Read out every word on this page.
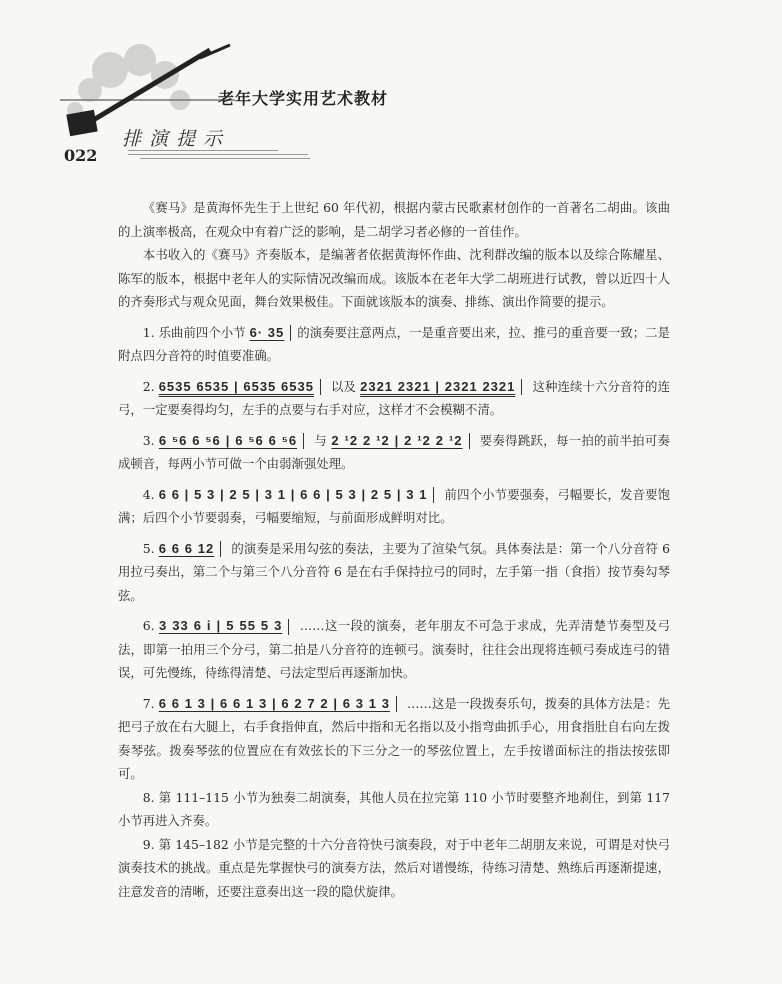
老年大学实用艺术教材
排演提示
022

《赛马》是黄海怀先生于上世纪 60 年代初，根据内蒙古民歌素材创作的一首著名二胡曲。该曲的上演率极高，在观众中有着广泛的影响，是二胡学习者必修的一首佳作。

本书收入的《赛马》齐奏版本，是编著者依据黄海怀作曲、沈利群改编的版本以及综合陈耀星、陈军的版本，根据中老年人的实际情况改编而成。该版本在老年大学二胡班进行试教，曾以近四十人的齐奏形式与观众见面，舞台效果极佳。下面就该版本的演奏、排练、演出作简要的提示。

1. 乐曲前四个小节 6· 35 的演奏要注意两点，一是重音要出来，拉、推弓的重音要一致；二是附点四分音符的时值要准确。

2. 6535 6535 | 6535 6535 以及 2321 2321 | 2321 2321 这种连续十六分音符的连弓，一定要奏得均匀，左手的点要与右手对应，这样才不会模糊不清。

3. 6 ⁵6 6 ⁵6 | 6 ⁵6 6 ⁵6 与 2 ¹2 2 ¹2 | 2 ¹2 2 ¹2 要奏得跳跃，每一拍的前半拍可奏成顿音，每两小节可做一个由弱渐强处理。

4. 6 6 | 5 3 | 2 5 | 3 1 | 6 6 | 5 3 | 2 5 | 3 1 前四个小节要强奏，弓幅要长，发音要饱满；后四个小节要弱奏，弓幅要缩短，与前面形成鲜明对比。

5. 6 6 6 12 的演奏是采用勾弦的奏法，主要为了渲染气氛。具体奏法是：第一个八分音符 6 用拉弓奏出，第二个与第三个八分音符 6 是在右手保持拉弓的同时，左手第一指（食指）按节奏勾琴弦。

6. 3 33 6 i | 5 55 5 3 ……这一段的演奏，老年朋友不可急于求成，先弄清楚节奏型及弓法，即第一拍用三个分弓，第二拍是八分音符的连顿弓。演奏时，往往会出现将连顿弓奏成连弓的错误，可先慢练，待练得清楚、弓法定型后再逐渐加快。

7. 6 6 1 3 | 6 6 1 3 | 6 2 7 2 | 6 3 1 3 ……这是一段拨奏乐句，拨奏的具体方法是：先把弓子放在右大腿上，右手食指伸直，然后中指和无名指以及小指弯曲抓手心，用食指肚自右向左拨奏琴弦。拨奏琴弦的位置应在有效弦长的下三分之一的琴弦位置上，左手按谱面标注的指法按弦即可。

8. 第 111–115 小节为独奏二胡演奏，其他人员在拉完第 110 小节时要整齐地刹住，到第 117 小节再进入齐奏。

9. 第 145–182 小节是完整的十六分音符快弓演奏段，对于中老年二胡朋友来说，可谓是对快弓演奏技术的挑战。重点是先掌握快弓的演奏方法，然后对谱慢练，待练习清楚、熟练后再逐渐提速，注意发音的清晰，还要注意奏出这一段的隐伏旋律。
